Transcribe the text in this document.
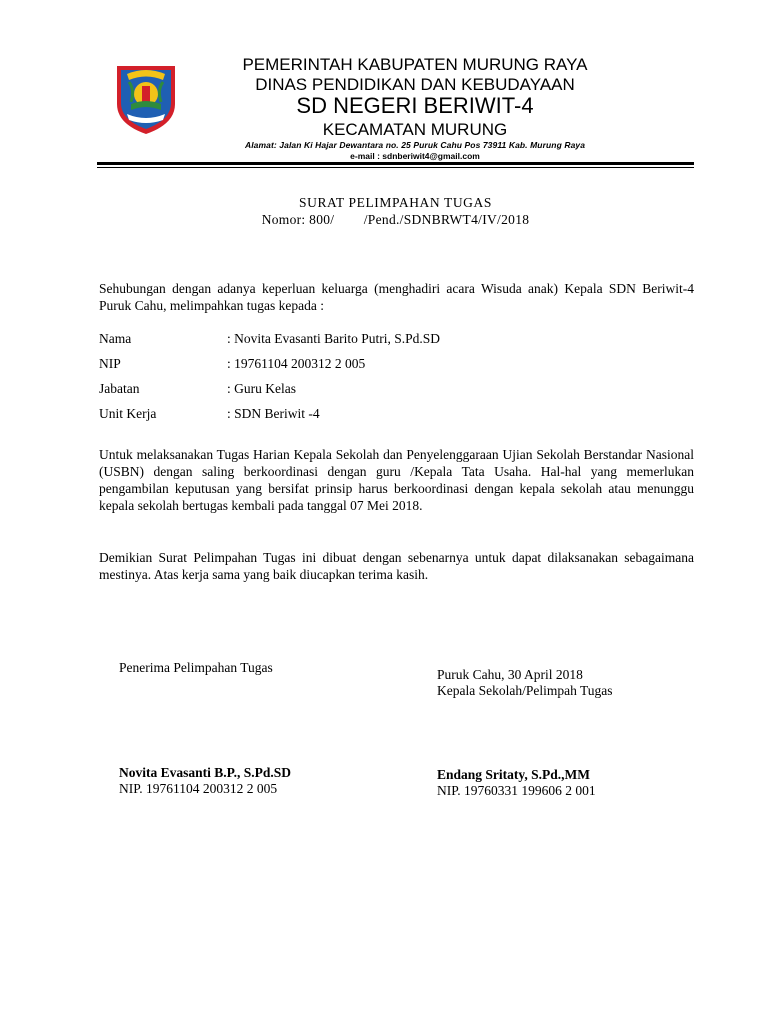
PEMERINTAH KABUPATEN MURUNG RAYA
DINAS PENDIDIKAN DAN KEBUDAYAAN
SD NEGERI BERIWIT-4
KECAMATAN MURUNG
Alamat: Jalan Ki Hajar Dewantara no. 25 Puruk Cahu Pos 73911 Kab. Murung Raya
e-mail : sdnberiwit4@gmail.com
SURAT PELIMPAHAN TUGAS
Nomor: 800/        /Pend./SDNBRWT4/IV/2018
Sehubungan dengan adanya keperluan keluarga (menghadiri acara Wisuda anak) Kepala SDN Beriwit-4 Puruk Cahu, melimpahkan tugas kepada :
Nama	: Novita Evasanti Barito Putri, S.Pd.SD
NIP	: 19761104 200312 2 005
Jabatan	: Guru Kelas
Unit Kerja	: SDN Beriwit -4
Untuk melaksanakan Tugas Harian Kepala Sekolah dan Penyelenggaraan Ujian Sekolah Berstandar Nasional (USBN) dengan saling berkoordinasi dengan guru /Kepala Tata Usaha. Hal-hal yang memerlukan pengambilan keputusan yang bersifat prinsip harus berkoordinasi dengan kepala sekolah atau menunggu kepala sekolah bertugas kembali pada tanggal 07 Mei 2018.
Demikian Surat Pelimpahan Tugas ini dibuat dengan sebenarnya untuk dapat dilaksanakan sebagaimana mestinya. Atas kerja sama yang baik diucapkan terima kasih.
Penerima Pelimpahan Tugas	Puruk Cahu, 30 April 2018
Kepala Sekolah/Pelimpah Tugas
Novita Evasanti B.P., S.Pd.SD
NIP. 19761104 200312 2 005
Endang Sritaty, S.Pd.,MM
NIP. 19760331 199606 2 001
